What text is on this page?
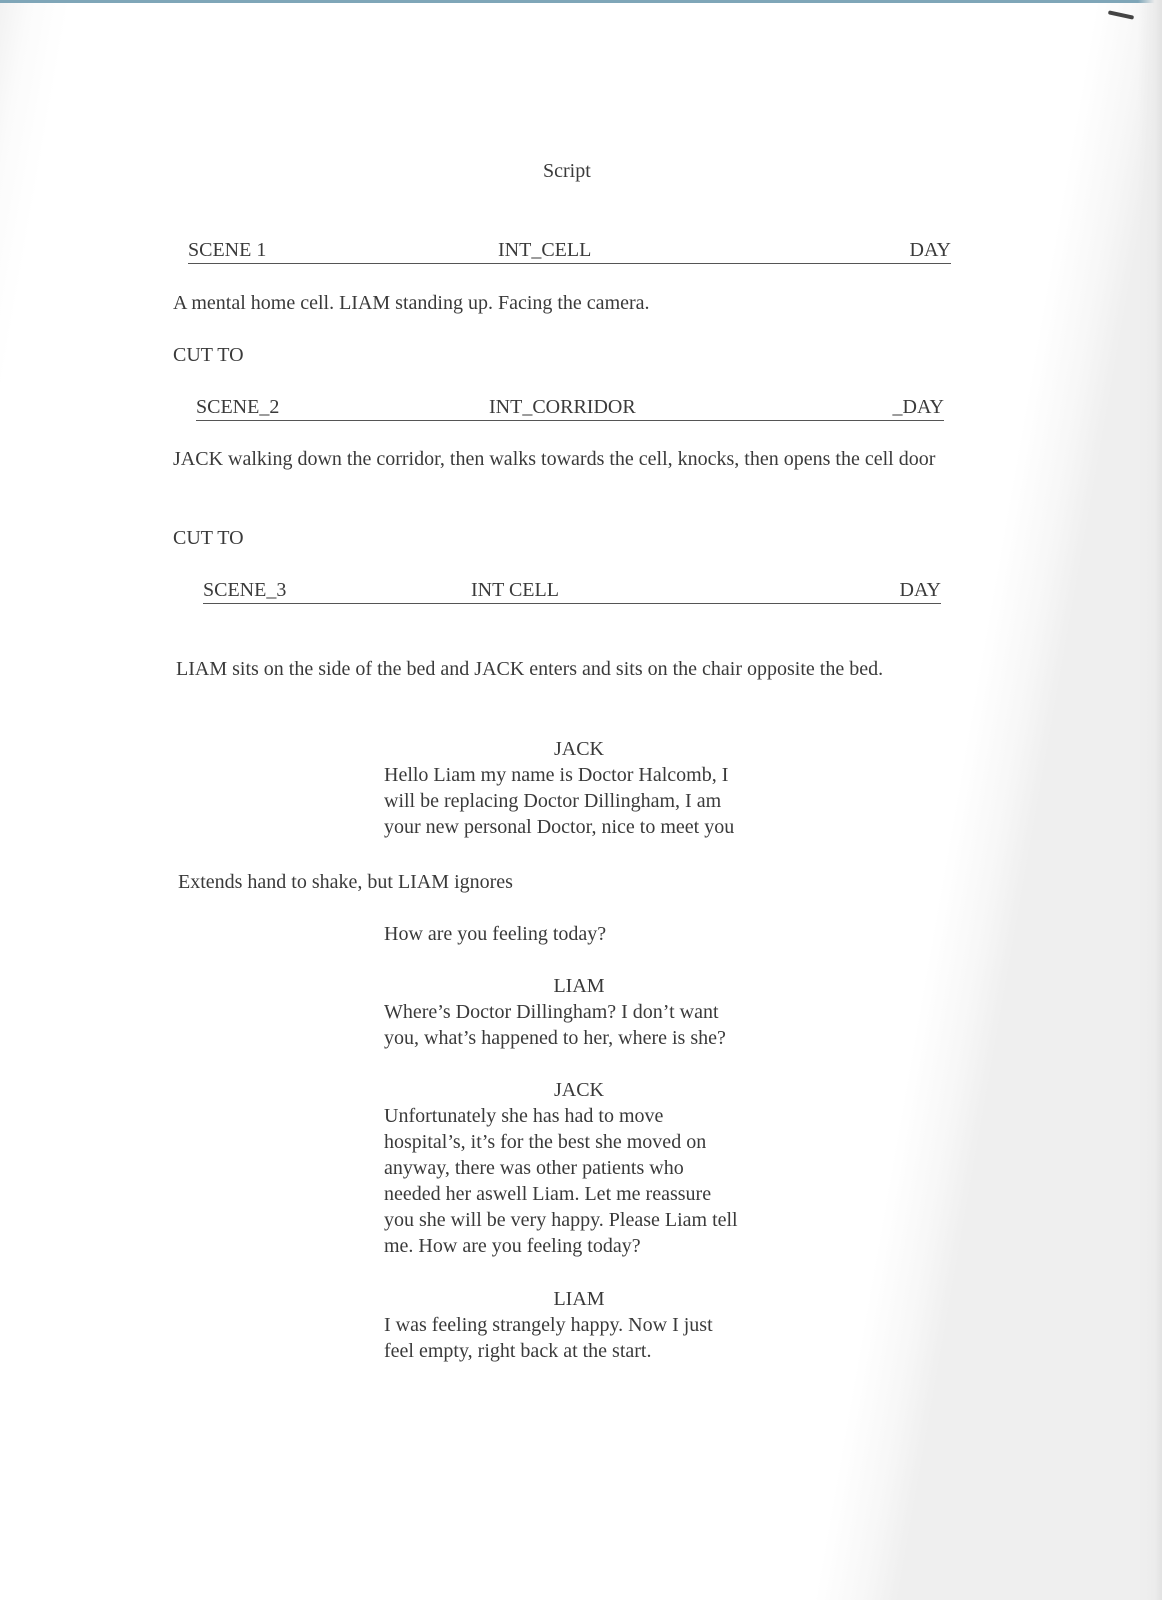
Script
SCENE 1	INT_CELL	DAY
A mental home cell. LIAM standing up. Facing the camera.
CUT TO
SCENE_2	INT_CORRIDOR	_DAY
JACK walking down the corridor, then walks towards the cell, knocks, then opens the cell door
CUT TO
SCENE_3	INT CELL	DAY
LIAM sits on the side of the bed and JACK enters and sits on the chair opposite the bed.
JACK
Hello Liam my name is Doctor Halcomb, I
will be replacing Doctor Dillingham, I am
your new personal Doctor, nice to meet you
Extends hand to shake, but LIAM ignores
How are you feeling today?
LIAM
Where’s Doctor Dillingham? I don’t want
you, what’s happened to her, where is she?
JACK
Unfortunately she has had to move
hospital’s, it’s for the best she moved on
anyway, there was other patients who
needed her aswell Liam. Let me reassure
you she will be very happy. Please Liam tell
me. How are you feeling today?
LIAM
I was feeling strangely happy. Now I just
feel empty, right back at the start.
